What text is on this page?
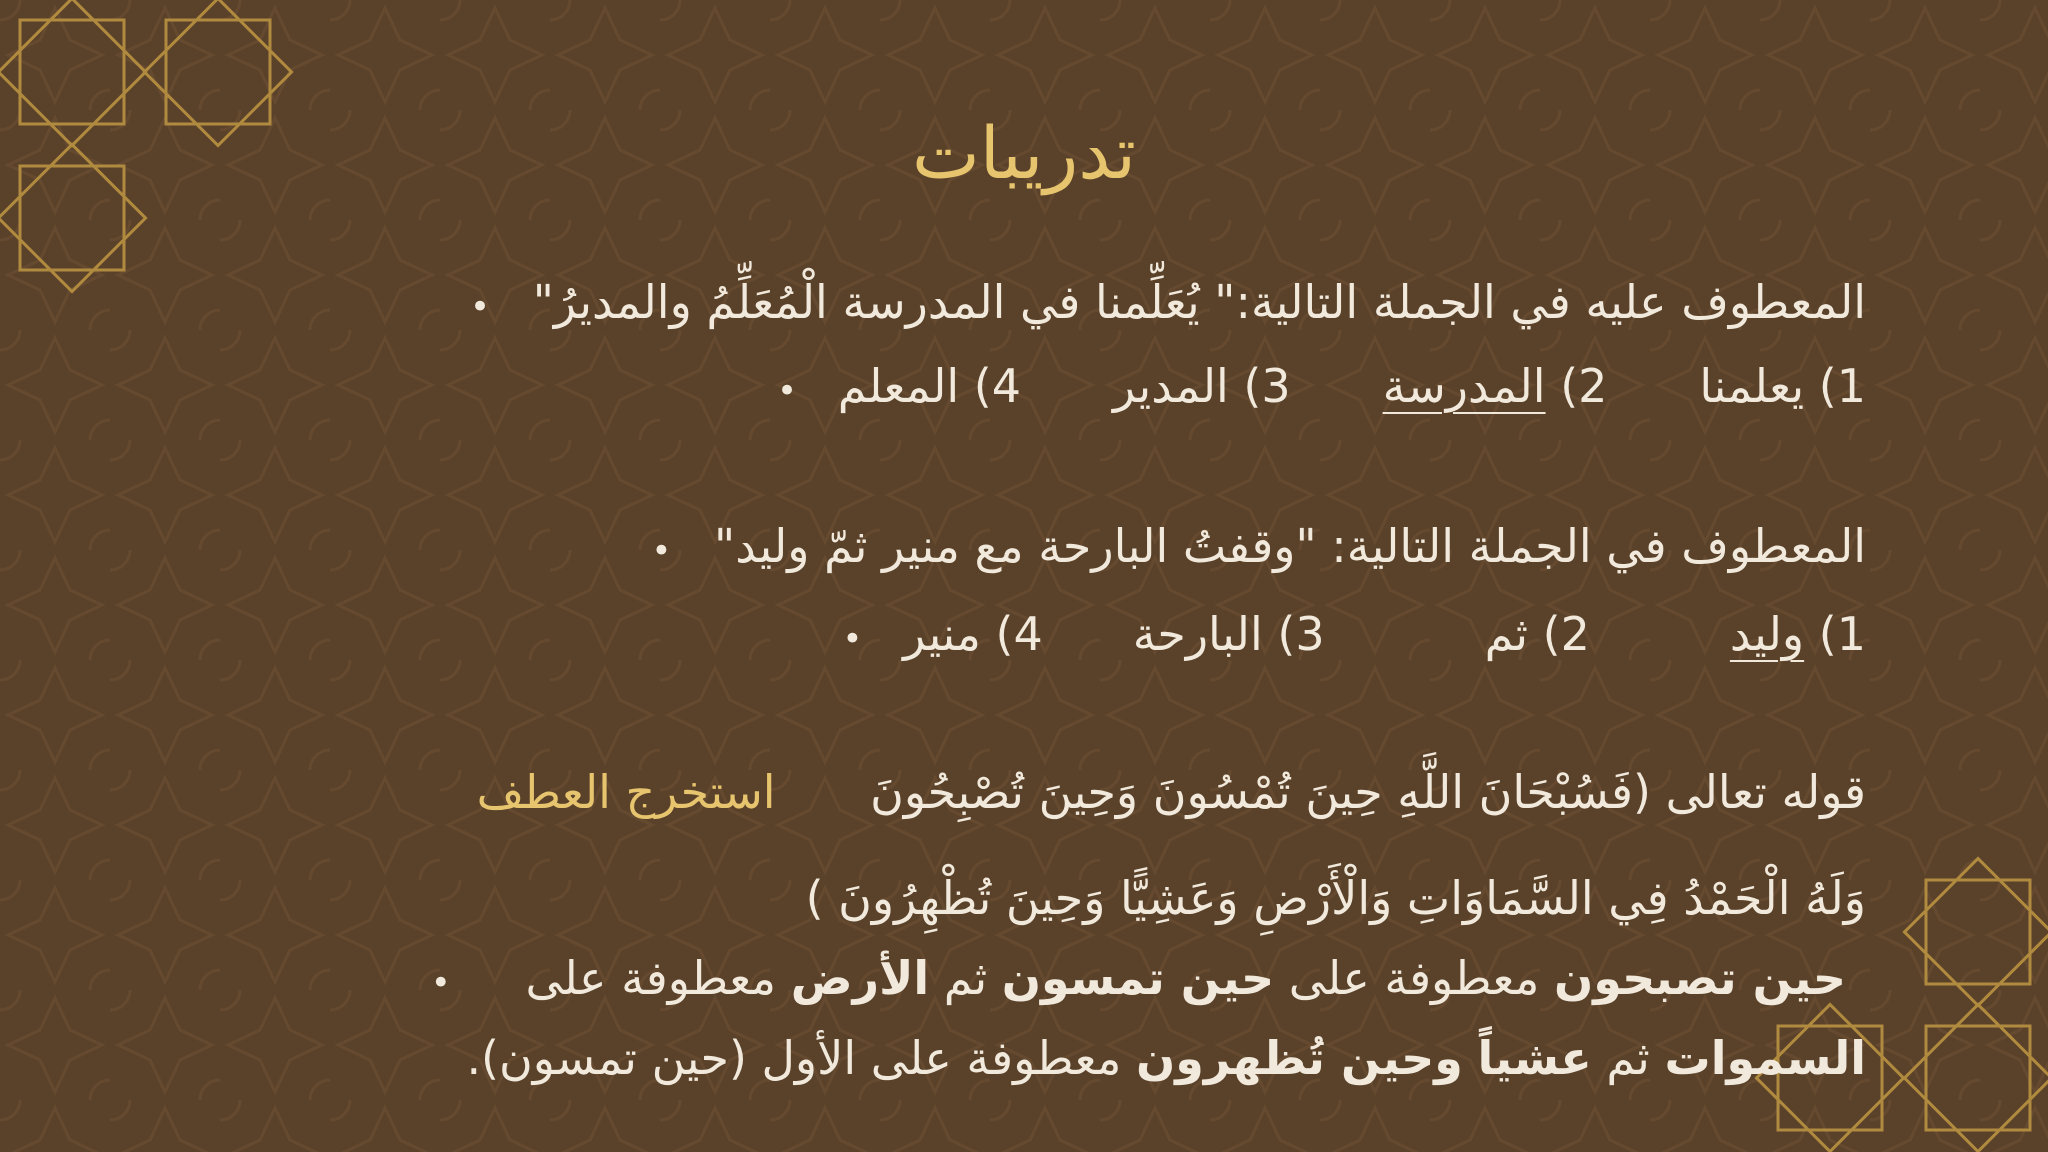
تدريبات
المعطوف عليه في الجملة التالية:" يُعَلِّمنا في المدرسة الْمُعَلِّمُ والمديرُ" •
1) يعلمنا
2) المدرسة
3) المدير
4) المعلم •
المعطوف في الجملة التالية: "وقفتُ البارحة مع منير ثمّ وليد" •
1) وليد
2) ثم
3) البارحة
4) منير •
قوله تعالى (فَسُبْحَانَ اللَّهِ حِينَ تُمْسُونَ وَحِينَ تُصْبِحُونَ استخرج العطف
وَلَهُ الْحَمْدُ فِي السَّمَاوَاتِ وَالْأَرْضِ وَعَشِيًّا وَحِينَ تُظْهِرُونَ )
حين تصبحون معطوفة على حين تمسون ثم الأرض معطوفة على •
السموات ثم عشياً وحين تُظهرون معطوفة على الأول (حين تمسون).
